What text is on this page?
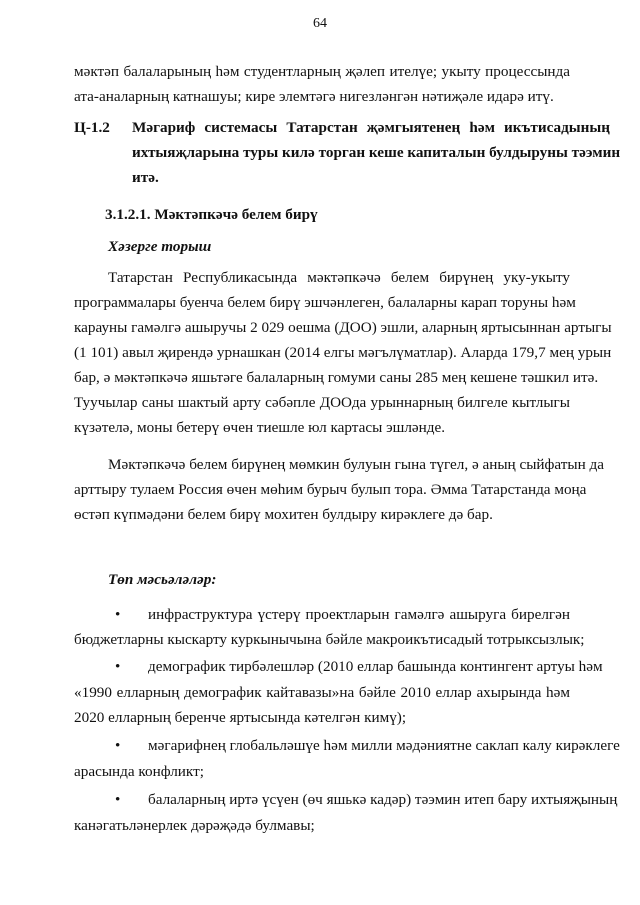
64
мәктәп балаларының һәм студентларның җәлеп ителүе; укыту процессында
ата-аналарның катнашуы; кире элемтәгә нигезләнгән нәтиҗәле идарә итү.
Ц-1.2 Мәгариф системасы Татарстан җәмгыятенең һәм икътисадының
ихтыяҗларына туры килә торган кеше капиталын булдыруны тәэмин
итә.
3.1.2.1. Мәктәпкәчә белем бирү
Хәзерге торыш
Татарстан Республикасында мәктәпкәчә белем бирүнең уку-укыту
программалары буенча белем бирү эшчәнлеген, балаларны карап торуны һәм
карауны гамәлгә ашыручы 2 029 оешма (ДОО) эшли, аларның яртысыннан артыгы
(1 101) авыл җирендә урнашкан (2014 елгы мәгълүматлар). Аларда 179,7 мең урын
бар, ә мәктәпкәчә яшьтәге балаларның гомуми саны 285 мең кешене тәшкил итә.
Туучылар саны шактый арту сәбәпле ДООда урыннарның билгеле кытлыгы
күзәтелә, моны бетерү өчен тиешле юл картасы эшләнде.
Мәктәпкәчә белем бирүнең мөмкин булуын гына түгел, ә аның сыйфатын да
арттыру тулаем Россия өчен мөһим бурыч булып тора. Әмма Татарстанда моңа
өстәп күпмәдәни белем бирү мохитен булдыру кирәклеге дә бар.
Төп мәсьәләләр:
• инфраструктура үстерү проектларын гамәлгә ашыруга бирелгән
бюджетларны кыскарту куркынычына бәйле макроикътисадый тотрыксызлык;
• демографик тирбәлешләр (2010 еллар башында контингент артуы һәм
«1990 елларның демографик кайтавазы»на бәйле 2010 еллар ахырында һәм
2020 елларның беренче яртысында кәтелгән кимү);
• мәгарифнең глобальләшүе һәм милли мәдәниятне саклап калу кирәклеге
арасында конфликт;
• балаларның иртә үсүен (өч яшькә кадәр) тәэмин итеп бару ихтыяҗының
канәгатьләнерлек дәрәҗәдә булмавы;
